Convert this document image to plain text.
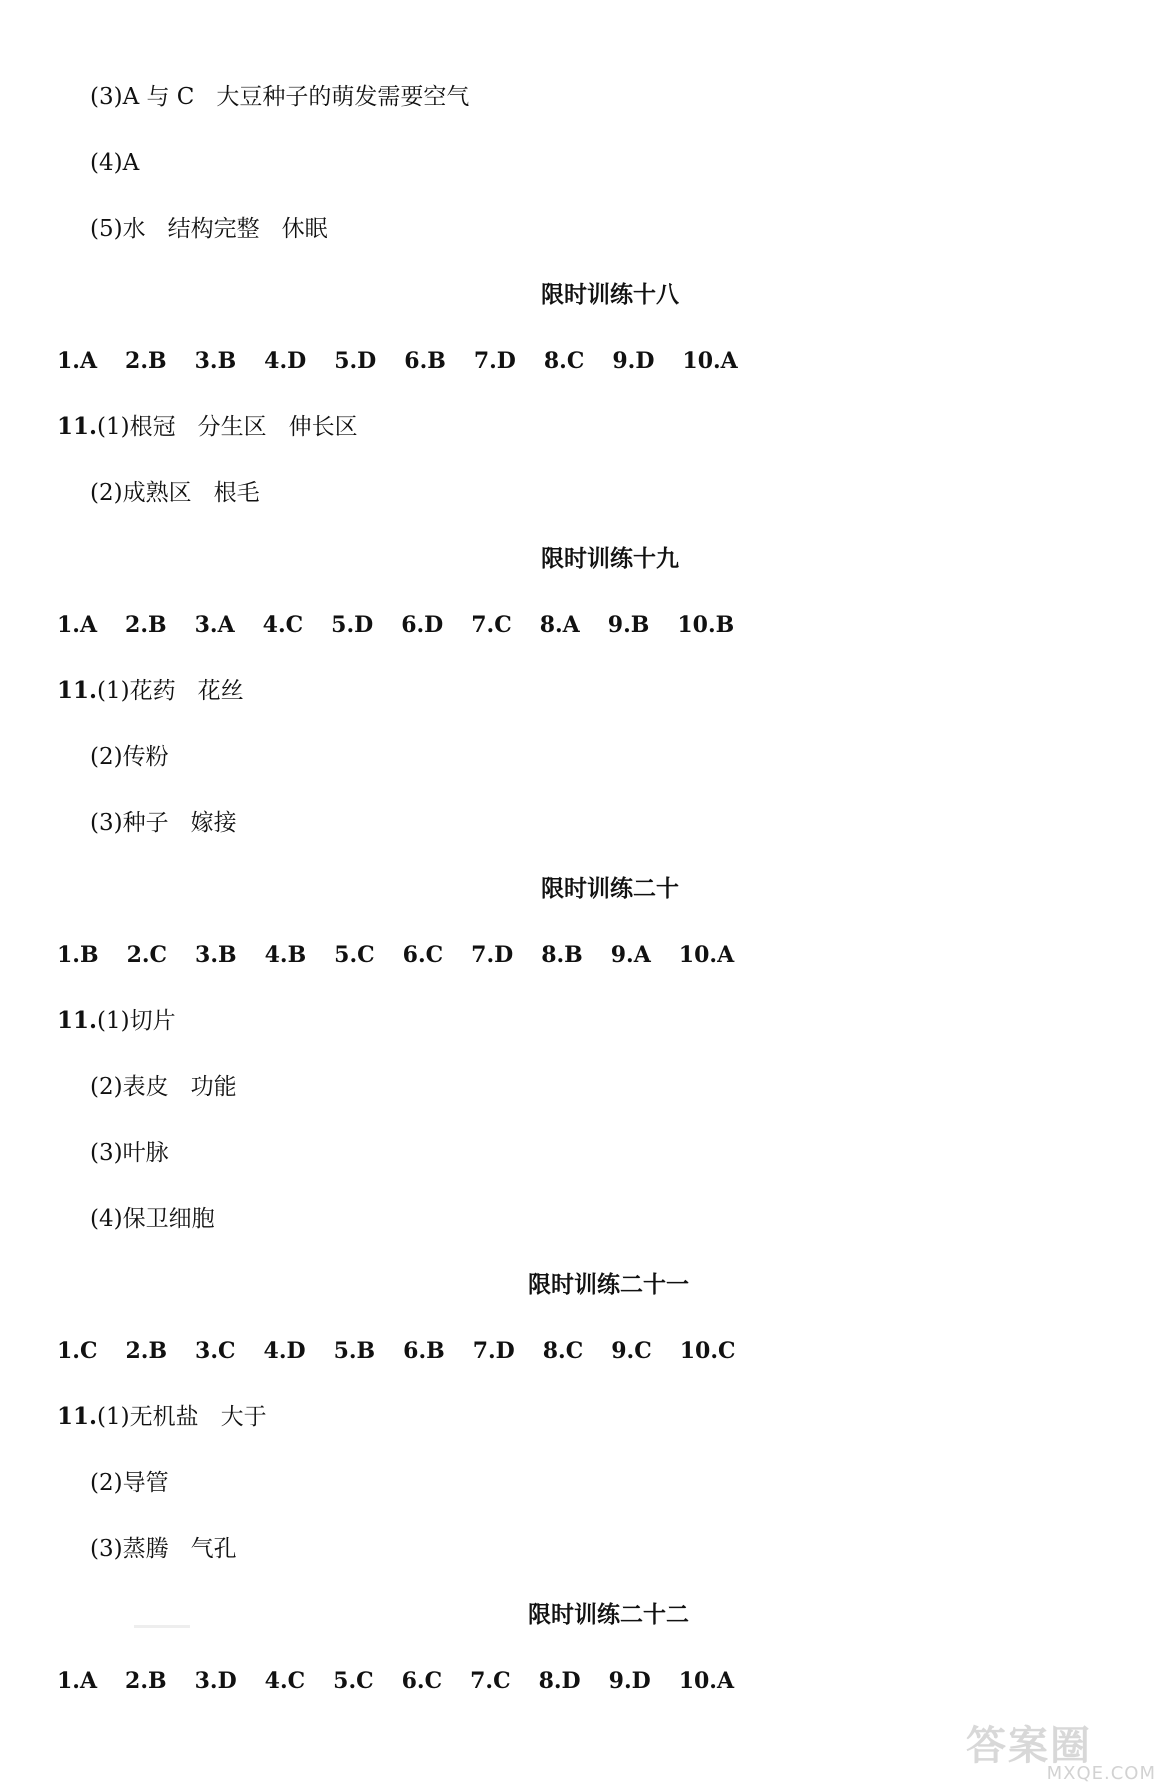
(3)A 与 C 大豆种子的萌发需要空气
(4)A
(5)水 结构完整 休眠
限时训练十八
1.A 2.B 3.B 4.D 5.D 6.B 7.D 8.C 9.D 10.A
11.(1)根冠 分生区 伸长区
(2)成熟区 根毛
限时训练十九
1.A 2.B 3.A 4.C 5.D 6.D 7.C 8.A 9.B 10.B
11.(1)花药 花丝
(2)传粉
(3)种子 嫁接
限时训练二十
1.B 2.C 3.B 4.B 5.C 6.C 7.D 8.B 9.A 10.A
11.(1)切片
(2)表皮 功能
(3)叶脉
(4)保卫细胞
限时训练二十一
1.C 2.B 3.C 4.D 5.B 6.B 7.D 8.C 9.C 10.C
11.(1)无机盐 大于
(2)导管
(3)蒸腾 气孔
限时训练二十二
1.A 2.B 3.D 4.C 5.C 6.C 7.C 8.D 9.D 10.A
答案圈
MXQE.COM
